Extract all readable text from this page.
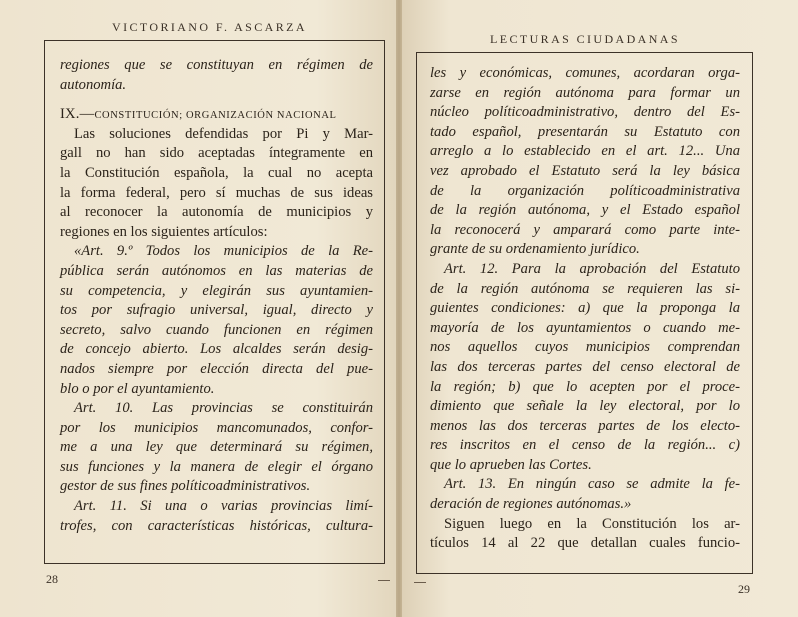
VICTORIANO F. ASCARZA
regiones que se constituyan en régimen de
autonomía.
IX.—CONSTITUCIÓN; ORGANIZACIÓN NACIONAL
Las soluciones defendidas por Pi y Mar-
gall no han sido aceptadas íntegramente en
la Constitución española, la cual no acepta
la forma federal, pero sí muchas de sus ideas
al reconocer la autonomía de municipios y
regiones en los siguientes artículos:
«Art. 9.º Todos los municipios de la Re-
pública serán autónomos en las materias de
su competencia, y elegirán sus ayuntamien-
tos por sufragio universal, igual, directo y
secreto, salvo cuando funcionen en régimen
de concejo abierto. Los alcaldes serán desig-
nados siempre por elección directa del pue-
blo o por el ayuntamiento.
Art. 10. Las provincias se constituirán
por los municipios mancomunados, confor-
me a una ley que determinará su régimen,
sus funciones y la manera de elegir el órgano
gestor de sus fines políticoadministrativos.
Art. 11. Si una o varias provincias limí-
trofes, con características históricas, cultura-
28
LECTURAS CIUDADANAS
les y económicas, comunes, acordaran orga-
zarse en región autónoma para formar un
núcleo políticoadministrativo, dentro del Es-
tado español, presentarán su Estatuto con
arreglo a lo establecido en el art. 12... Una
vez aprobado el Estatuto será la ley básica
de la organización políticoadministrativa
de la región autónoma, y el Estado español
la reconocerá y amparará como parte inte-
grante de su ordenamiento jurídico.
Art. 12. Para la aprobación del Estatuto
de la región autónoma se requieren las si-
guientes condiciones: a) que la proponga la
mayoría de los ayuntamientos o cuando me-
nos aquellos cuyos municipios comprendan
las dos terceras partes del censo electoral de
la región; b) que lo acepten por el proce-
dimiento que señale la ley electoral, por lo
menos las dos terceras partes de los electo-
res inscritos en el censo de la región... c)
que lo aprueben las Cortes.
Art. 13. En ningún caso se admite la fe-
deración de regiones autónomas.»
Siguen luego en la Constitución los ar-
tículos 14 al 22 que detallan cuales funcio-
29
